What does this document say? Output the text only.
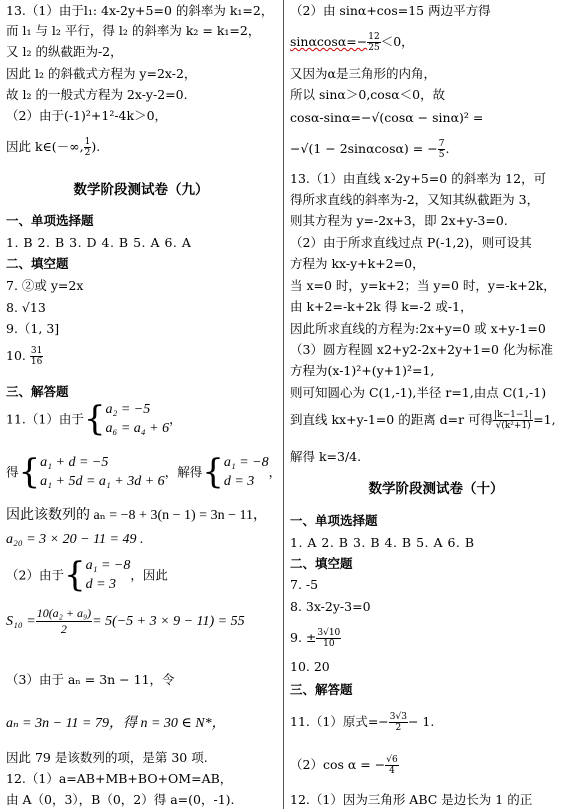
13.（1）由于l₁: 4x-2y+5=0 的斜率为 k₁=2，
而 l₁ 与 l₂ 平行，得 l₂ 的斜率为 k₂ = k₁=2，
又 l₂ 的纵截距为-2，
因此 l₂ 的斜截式方程为 y=2x-2，
故 l₂ 的一般式方程为 2x-y-2=0.
（2）由于(-1)²+1²-4k＞0，
因此 k∈(－∞, $\frac{1}{2}$ ).
数学阶段测试卷（九）
一、单项选择题
1. B 2. B 3. D 4. B 5. A 6. A
二、填空题
7. ②或 y=2x
8. √13
9.（1, 3]
10. $\frac{31}{16}$
三、解答题
11.（1）由于{ a₂ = −5
a₆ = a₄ + 6
，
得{ a₁ + d = −5
a₁ + 5d = a₁ + 3d + 6
，解得{ a₁ = −8
d = 3
，
因此该数列的 aₙ = −8 + 3(n − 1) = 3n − 11，
a₂₀ = 3 × 20 − 11 = 49 .
（2）由于{ a₁ = −8
d = 3
，因此
$S_{10} = \frac{\text{10(a₂ + a₉)}}{2} = 5(-5 + 3 \times 9 - 11) = 55$
（3）由于 aₙ = 3n − 11，令
aₙ = 3n − 11 = 79，得 n = 30 ∈ N*，
因此 79 是该数列的项，是第 30 项.
12.（1）a=AB+MB+BO+OM=AB，
由 A（0，3），B（0，2）得 a=(0，-1).
（2）由 sinα+cos=15 两边平方得
$\sin\alpha\cos\alpha=- \frac{12}{25} <0$，
又因为α是三角形的内角，
所以 sinα＞0,cosα＜0，故
cosα-sinα=−√(cosα − sinα)² =
−√(1 − 2sinαcosα) = − $\frac{7}{5}$ .
13.（1）由直线 x-2y+5=0 的斜率为 12，可
得所求直线的斜率为-2，又知其纵截距为 3，
则其方程为 y=-2x+3，即 2x+y-3=0.
（2）由于所求直线过点 P(-1,2)，则可设其
方程为 kx-y+k+2=0，
当 x=0 时，y=k+2；当 y=0 时，y=-k+2k，
由 k+2=-k+2k 得 k=-2 或-1，
因此所求直线的方程为:2x+y=0 或 x+y-1=0
（3）圆方程圆 x2+y2-2x+2y+1=0 化为标准
方程为(x-1)²+(y+1)²=1,
则可知圆心为 C(1,-1),半径 r=1,由点 C(1,-1)
到直线 kx+y-1=0 的距离 d=r 可得 $\frac{|k-1-1|}{\text{√(k²+1)}} =1$,
解得 k=3/4.
数学阶段测试卷（十）
一、单项选择题
1. A 2. B 3. B 4. B 5. A 6. B
二、填空题
7. -5
8. 3x-2y-3=0
9. ± $\frac{3√10}{10}$
10. 20
三、解答题
11.（1）原式=− $\frac{3√3}{2} - 1$.
（2）cos α = − $\frac{√6}{4}$
12.（1）因为三角形 ABC 是边长为 1 的正
